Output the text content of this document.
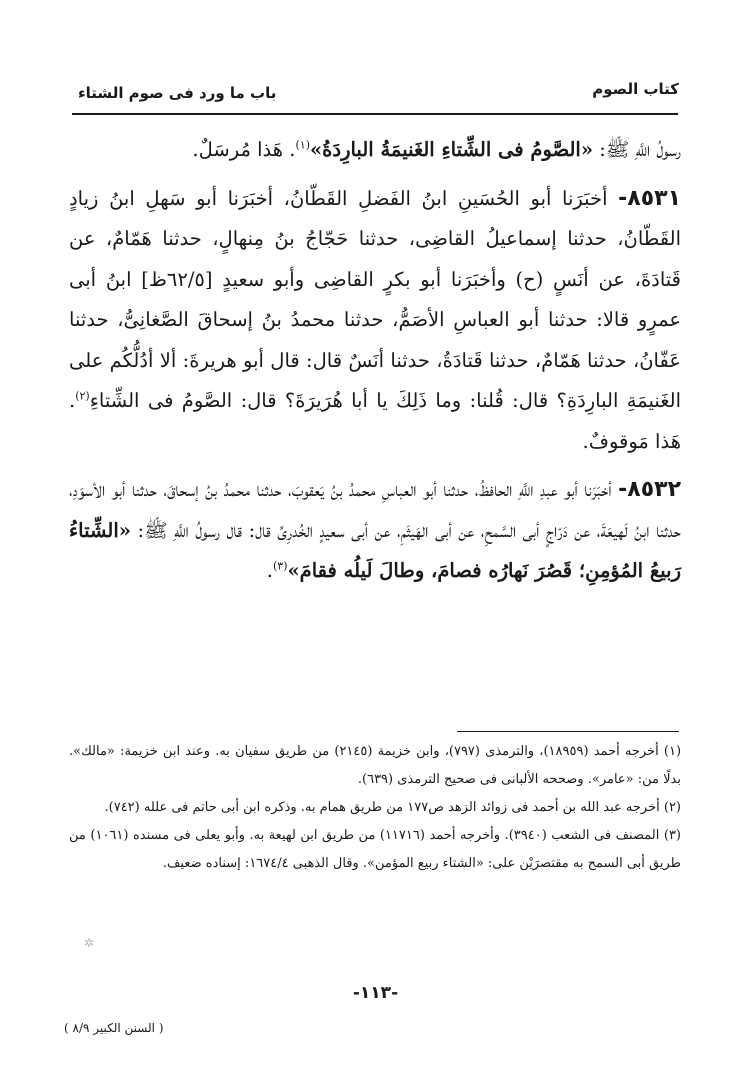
كتاب الصوم
باب ما ورد فى صوم الشتاء

رسولُ اللَّهِ ﷺ: «الصَّومُ فى الشِّتاءِ الغَنيمَةُ البارِدَةُ»$^{(١)}$. هَذا مُرسَلٌ.

٨٥٣١- أخبَرَنا أبو الحُسَينِ ابنُ الفَضلِ القَطّانُ، أخبَرَنا أبو سَهلِ ابنُ زيادٍ القَطّانُ، حدثنا إسماعيلُ القاضِى، حدثنا حَجّاجُ بنُ مِنهالٍ، حدثنا هَمّامٌ، عن قَتادَةَ، عن أنَسٍ (ح) وأخبَرَنا أبو بكرٍ القاضِى وأبو سعيدٍ [٦٢/٥ظ] ابنُ أبى عمرٍو قالا: حدثنا أبو العباسِ الأصَمُّ، حدثنا محمدُ بنُ إسحاقَ الصَّغانِىُّ، حدثنا عَفّانُ، حدثنا هَمّامٌ، حدثنا قَتادَةُ، حدثنا أنَسٌ قال: قال أبو هريرةَ: ألا أدُلُّكُم على الغَنيمَةِ البارِدَةِ؟ قال: قُلنا: وما ذَلِكَ يا أبا هُرَيرَةَ؟ قال: الصَّومُ فى الشِّتاءِ$^{(٢)}$. هَذا مَوقوفٌ.

٨٥٣٢- أخبَرَنا أبو عبدِ اللَّهِ الحافظُ، حدثنا أبو العباسِ محمدُ بنُ يَعقوبَ، حدثنا محمدُ بنُ إسحاقَ، حدثنا أبو الأسوَدِ، حدثنا ابنُ لَهيعَةَ، عن دَرّاجٍ أبى السَّمحِ، عن أبى الهَيثَمِ، عن أبى سعيدٍ الخُدرِىِّ قال: قال رسولُ اللَّهِ ﷺ: «الشِّتاءُ رَبيعُ المُؤمِنِ؛ قَصُرَ نَهارُه فصامَ، وطالَ لَيلُه فقامَ»$^{(٣)}$.

(١) أخرجه أحمد (١٨٩٥٩)، والترمذى (٧٩٧)، وابن خزيمة (٢١٤٥) من طريق سفيان به. وعند ابن خزيمة: «مالك». بدلًا من: «عامر». وصححه الألبانى فى صحيح الترمذى (٦٣٩).

(٢) أخرجه عبد الله بن أحمد فى زوائد الزهد ص١٧٧ من طريق همام به. وذكره ابن أبى حاتم فى علله (٧٤٢).

(٣) المصنف فى الشعب (٣٩٤٠). وأخرجه أحمد (١١٧١٦) من طريق ابن لهيعة به. وأبو يعلى فى مسنده (١٠٦١) من طريق أبى السمح به مقتصرَيْن على: «الشتاء ربيع المؤمن». وقال الذهبى ١٦٧٤/٤: إسناده ضعيف.

✲
-١١٣-
( السنن الكبير ٨/٩ )
